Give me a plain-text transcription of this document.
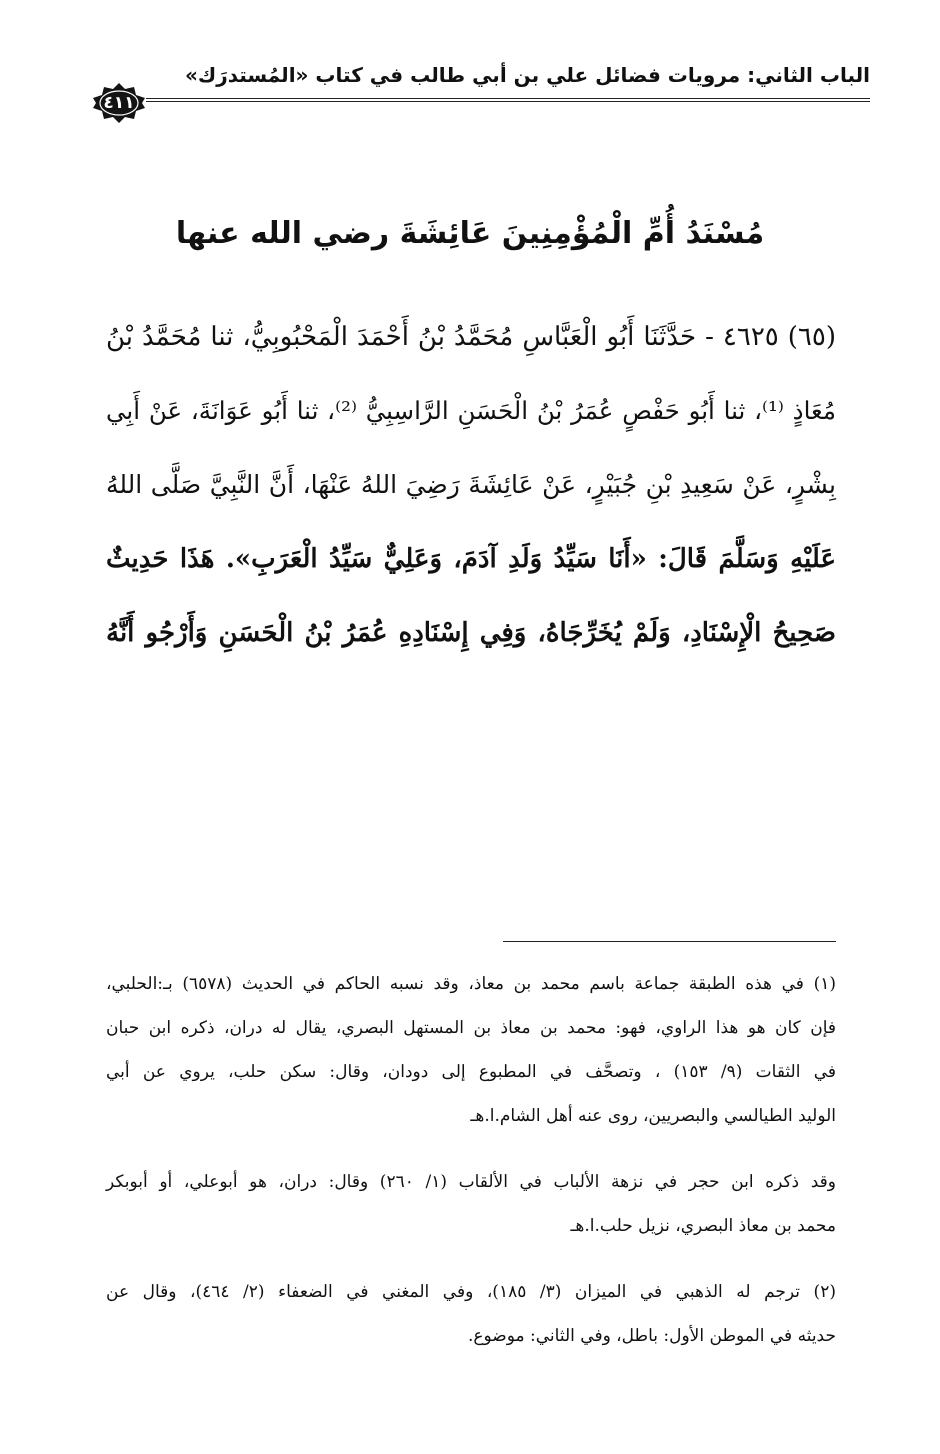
الباب الثاني: مرويات فضائل علي بن أبي طالب في كتاب «المُستدرَك»
٤١١
مُسْنَدُ أُمِّ الْمُؤْمِنِينَ عَائِشَةَ رضي الله عنها
(٦٥) ٤٦٢٥ - حَدَّثَنَا أَبُو الْعَبَّاسِ مُحَمَّدُ بْنُ أَحْمَدَ الْمَحْبُوبِيُّ، ثنا مُحَمَّدُ بْنُ
مُعَاذٍ ⁽¹⁾، ثنا أَبُو حَفْصٍ عُمَرُ بْنُ الْحَسَنِ الرَّاسِبِيُّ ⁽²⁾، ثنا أَبُو عَوَانَةَ، عَنْ أَبِي
بِشْرٍ، عَنْ سَعِيدِ بْنِ جُبَيْرٍ، عَنْ عَائِشَةَ رَضِيَ اللهُ عَنْهَا، أَنَّ النَّبِيَّ صَلَّى اللهُ
عَلَيْهِ وَسَلَّمَ قَالَ: «أَنَا سَيِّدُ وَلَدِ آدَمَ، وَعَلِيٌّ سَيِّدُ الْعَرَبِ». هَذَا حَدِيثٌ
صَحِيحُ الْإِسْنَادِ، وَلَمْ يُخَرِّجَاهُ، وَفِي إِسْنَادِهِ عُمَرُ بْنُ الْحَسَنِ وَأَرْجُو أَنَّهُ
(١) في هذه الطبقة جماعة باسم محمد بن معاذ، وقد نسبه الحاكم في الحديث (٦٥٧٨) بـ:الحلبي،
فإن كان هو هذا الراوي، فهو: محمد بن معاذ بن المستهل البصري، يقال له دران، ذكره ابن حبان
في الثقات (٩/ ١٥٣) ، وتصحَّف في المطبوع إلى دودان، وقال: سكن حلب، يروي عن أبي
الوليد الطيالسي والبصريين، روى عنه أهل الشام.ا.هـ
وقد ذكره ابن حجر في نزهة الألباب في الألقاب (١/ ٢٦٠) وقال: دران، هو أبوعلي، أو أبوبكر
محمد بن معاذ البصري، نزيل حلب.ا.هـ
(٢) ترجم له الذهبي في الميزان (٣/ ١٨٥)، وفي المغني في الضعفاء (٢/ ٤٦٤)، وقال عن
حديثه في الموطن الأول: باطل، وفي الثاني: موضوع.
